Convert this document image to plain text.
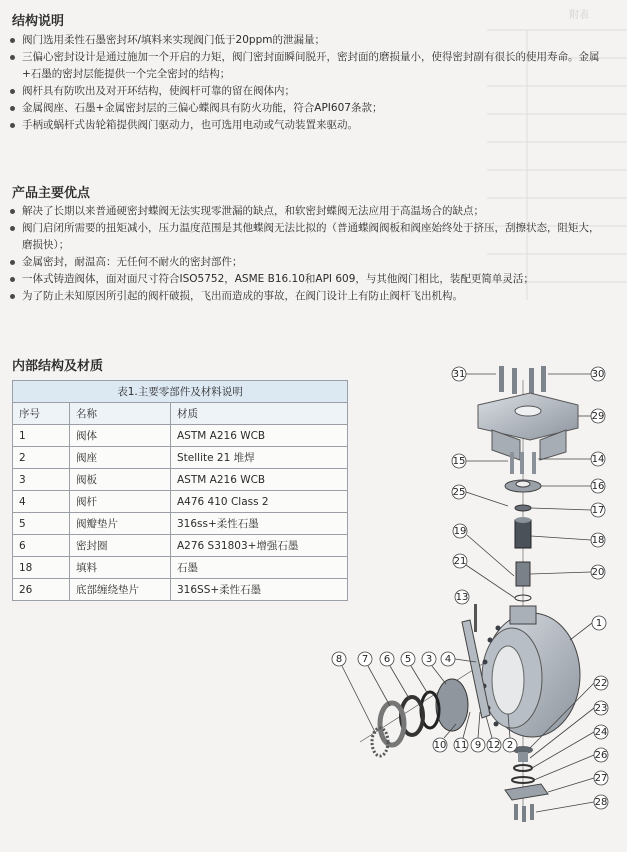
附表
结构说明
阀门选用柔性石墨密封环/填料来实现阀门低于20ppm的泄漏量；
三偏心密封设计是通过施加一个开启的力矩，阀门密封面瞬间脱开，密封面的磨损量小，使得密封副有很长的使用寿命。金属+石墨的密封层能提供一个完全密封的结构；
阀杆具有防吹出及对开环结构，使阀杆可靠的留在阀体内；
金属阀座、石墨+金属密封层的三偏心蝶阀具有防火功能，符合API607条款；
手柄或蜗杆式齿轮箱提供阀门驱动力，也可选用电动或气动装置来驱动。
产品主要优点
解决了长期以来普通硬密封蝶阀无法实现零泄漏的缺点，和软密封蝶阀无法应用于高温场合的缺点；
阀门启闭所需要的扭矩减小，压力温度范围是其他蝶阀无法比拟的（普通蝶阀阀板和阀座始终处于挤压，刮擦状态，阻矩大，磨损快）；
金属密封，耐温高：无任何不耐火的密封部件；
一体式铸造阀体，面对面尺寸符合ISO5752，ASME B16.10和API 609，与其他阀门相比，装配更简单灵活；
为了防止未知原因所引起的阀杆破损，飞出而造成的事故，在阀门设计上有防止阀杆飞出机构。
内部结构及材质
表1.主要零部件及材料说明		
序号	名称	材质
1	阀体	ASTM A216 WCB
2	阀座	Stellite 21 堆焊
3	阀板	ASTM A216 WCB
4	阀杆	A476 410 Class 2
5	阀瓣垫片	316ss+柔性石墨
6	密封圈	A276 S31803+增强石墨
18	填料	石墨
26	底部缠绕垫片	316SS+柔性石墨
31	30
29
15	14
25
16
17
19
18
21
20
13
1
8 7 6 5 3 4
22
23
24
26
10 11 9 12 2
27
28
